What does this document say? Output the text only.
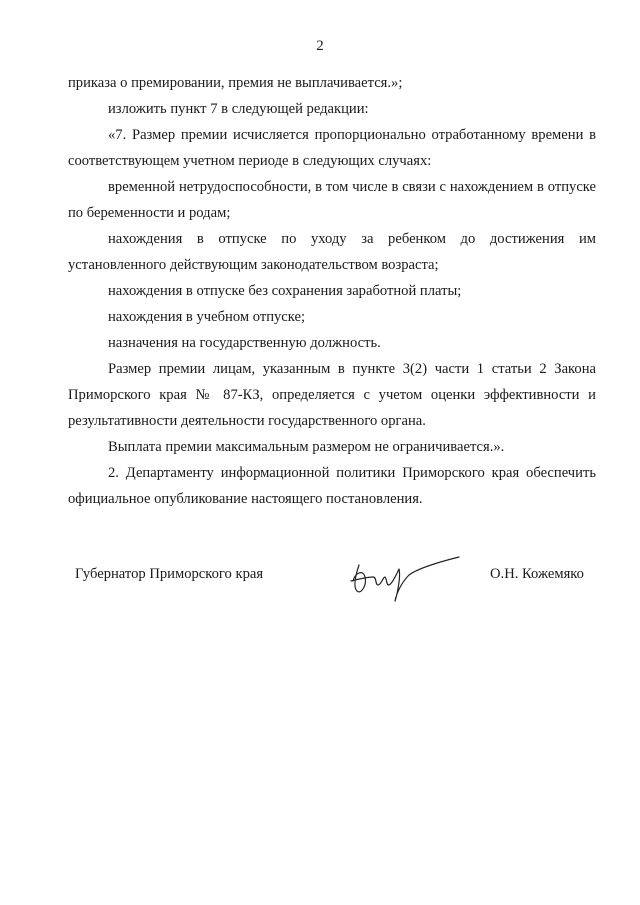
2

приказа о премировании, премия не выплачивается.»;

изложить пункт 7 в следующей редакции:

«7. Размер премии исчисляется пропорционально отработанному времени в соответствующем учетном периоде в следующих случаях:

временной нетрудоспособности, в том числе в связи с нахождением в отпуске по беременности и родам;

нахождения в отпуске по уходу за ребенком до достижения им установленного действующим законодательством возраста;

нахождения в отпуске без сохранения заработной платы;

нахождения в учебном отпуске;

назначения на государственную должность.

Размер премии лицам, указанным в пункте 3(2) части 1 статьи 2 Закона Приморского края № 87-КЗ, определяется с учетом оценки эффективности и результативности деятельности государственного органа.

Выплата премии максимальным размером не ограничивается.».

2. Департаменту информационной политики Приморского края обеспечить официальное опубликование настоящего постановления.

Губернатор Приморского края	О.Н. Кожемяко
